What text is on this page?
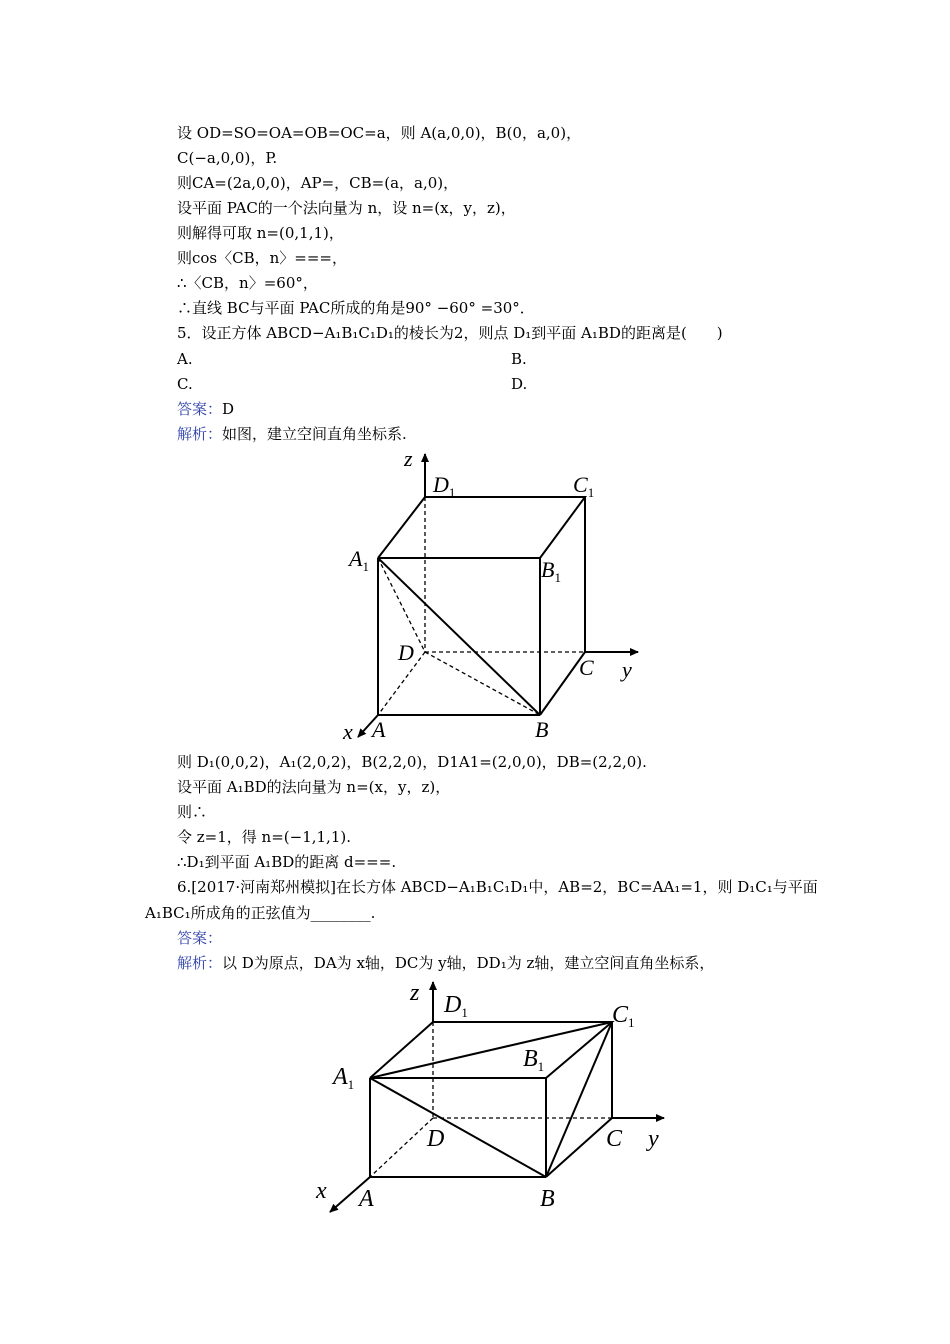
设 OD=SO=OA=OB=OC=a，则 A(a,0,0)，B(0，a,0)，
C(−a,0,0)，P.
则CA=(2a,0,0)，AP=，CB=(a，a,0)，
设平面 PAC的一个法向量为 n，设 n=(x，y，z)，
则解得可取 n=(0,1,1)，
则cos〈CB，n〉===，
∴〈CB，n〉=60°，
∴直线 BC与平面 PAC所成的角是90° −60° =30°．
5．设正方体 ABCD−A₁B₁C₁D₁的棱长为2，则点 D₁到平面 A₁BD的距离是(　　)
A.	B.
C.	D.
答案：D
解析：如图，建立空间直角坐标系.
z
y
x
$D_1$	$C_1$
$A_1$	$B_1$
D
C
A	B
则 D₁(0,0,2)，A₁(2,0,2)，B(2,2,0)，D1A1=(2,0,0)，DB=(2,2,0).
设平面 A₁BD的法向量为 n=(x，y，z)，
则∴
令 z=1，得 n=(−1,1,1).
∴D₁到平面 A₁BD的距离 d===.
6.[2017·河南郑州模拟]在长方体 ABCD−A₁B₁C₁D₁中，AB=2，BC=AA₁=1，则 D₁C₁与平面
A₁BC₁所成角的正弦值为________.
答案：
解析：以 D为原点，DA为 x轴，DC为 y轴，DD₁为 z轴，建立空间直角坐标系，
z
y
x
$D_1$	$C_1$
$B_1$
$A_1$
D	C
A	B
